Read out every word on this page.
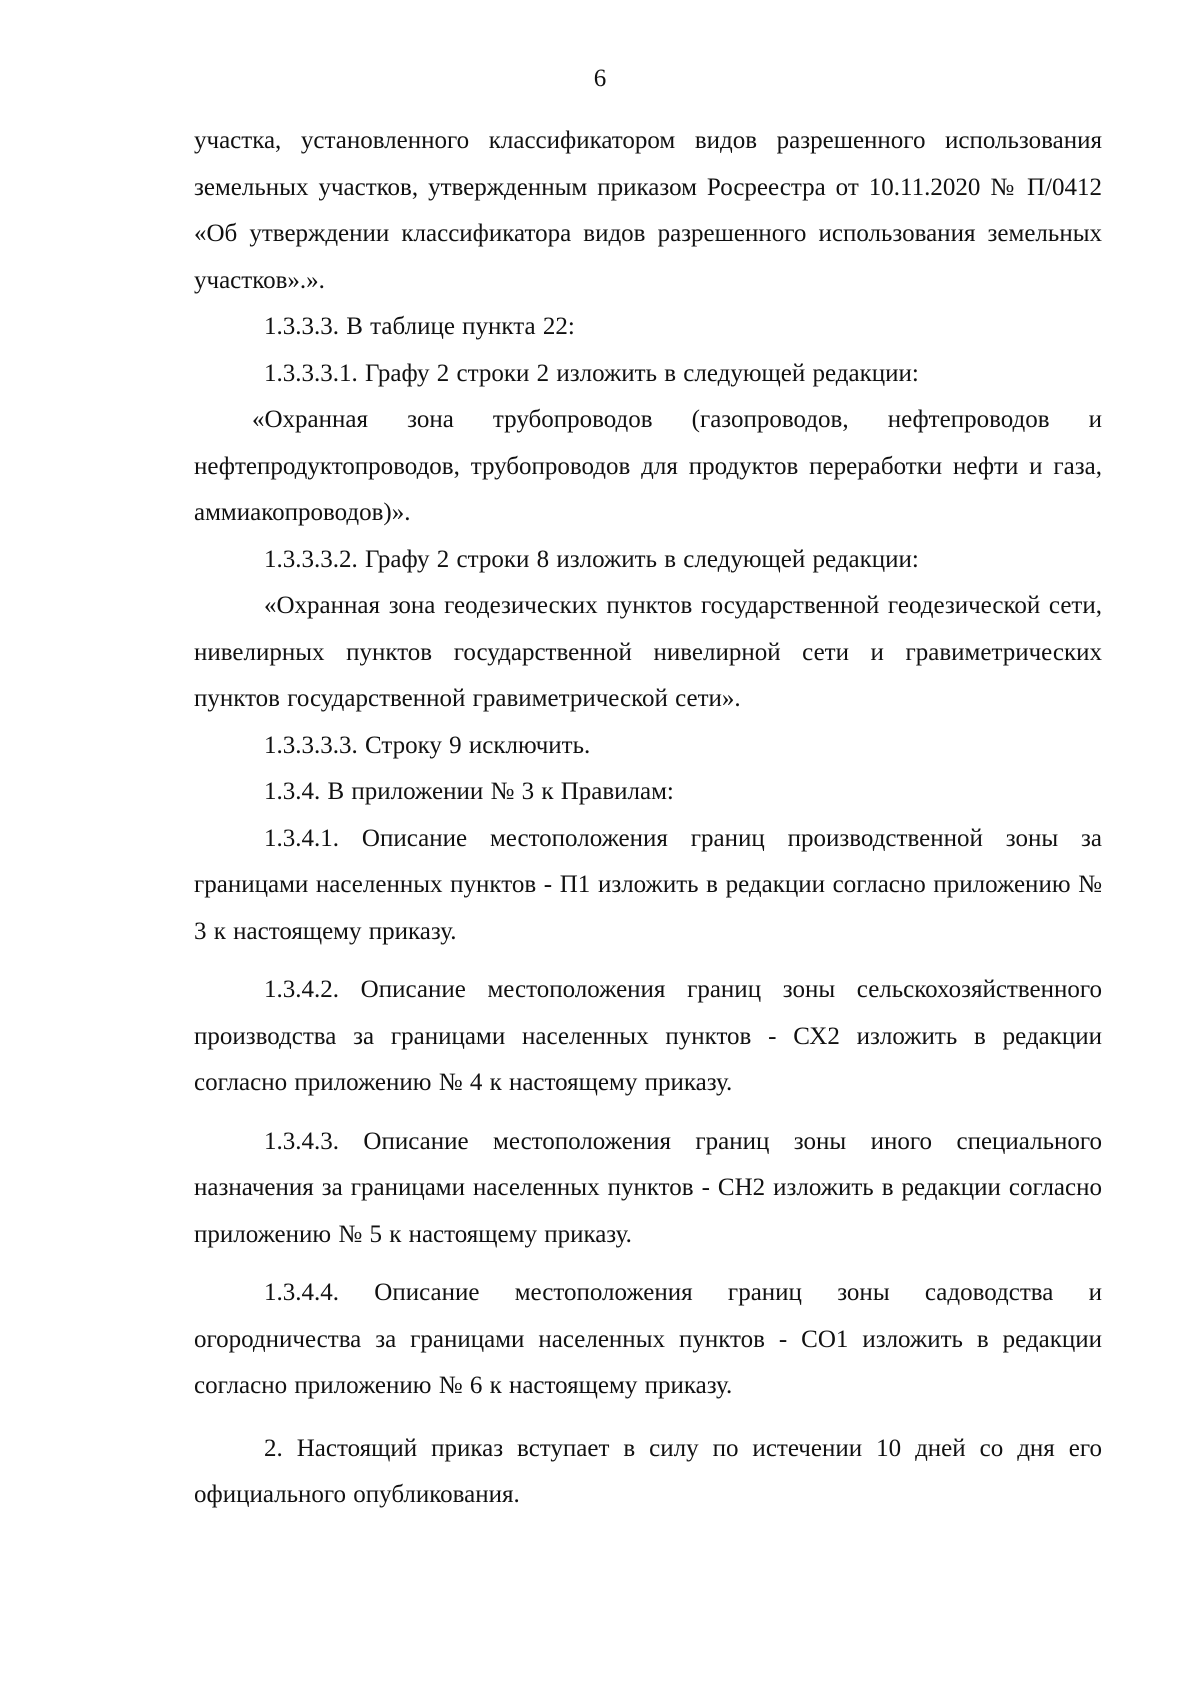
6

участка, установленного классификатором видов разрешенного использования земельных участков, утвержденным приказом Росреестра от 10.11.2020 № П/0412 «Об утверждении классификатора видов разрешенного использования земельных участков».».

1.3.3.3. В таблице пункта 22:

1.3.3.3.1. Графу 2 строки 2 изложить в следующей редакции:

«Охранная зона трубопроводов (газопроводов, нефтепроводов и нефтепродуктопроводов, трубопроводов для продуктов переработки нефти и газа, аммиакопроводов)».

1.3.3.3.2. Графу 2 строки 8 изложить в следующей редакции:

«Охранная зона геодезических пунктов государственной геодезической сети, нивелирных пунктов государственной нивелирной сети и гравиметрических пунктов государственной гравиметрической сети».

1.3.3.3.3. Строку 9 исключить.

1.3.4. В приложении № 3 к Правилам:

1.3.4.1. Описание местоположения границ производственной зоны за границами населенных пунктов - П1 изложить в редакции согласно приложению № 3 к настоящему приказу.

1.3.4.2. Описание местоположения границ зоны сельскохозяйственного производства за границами населенных пунктов - СХ2 изложить в редакции согласно приложению № 4 к настоящему приказу.

1.3.4.3. Описание местоположения границ зоны иного специального назначения за границами населенных пунктов - СН2 изложить в редакции согласно приложению № 5 к настоящему приказу.

1.3.4.4. Описание местоположения границ зоны садоводства и огородничества за границами населенных пунктов - СО1 изложить в редакции согласно приложению № 6 к настоящему приказу.

2. Настоящий приказ вступает в силу по истечении 10 дней со дня его официального опубликования.
